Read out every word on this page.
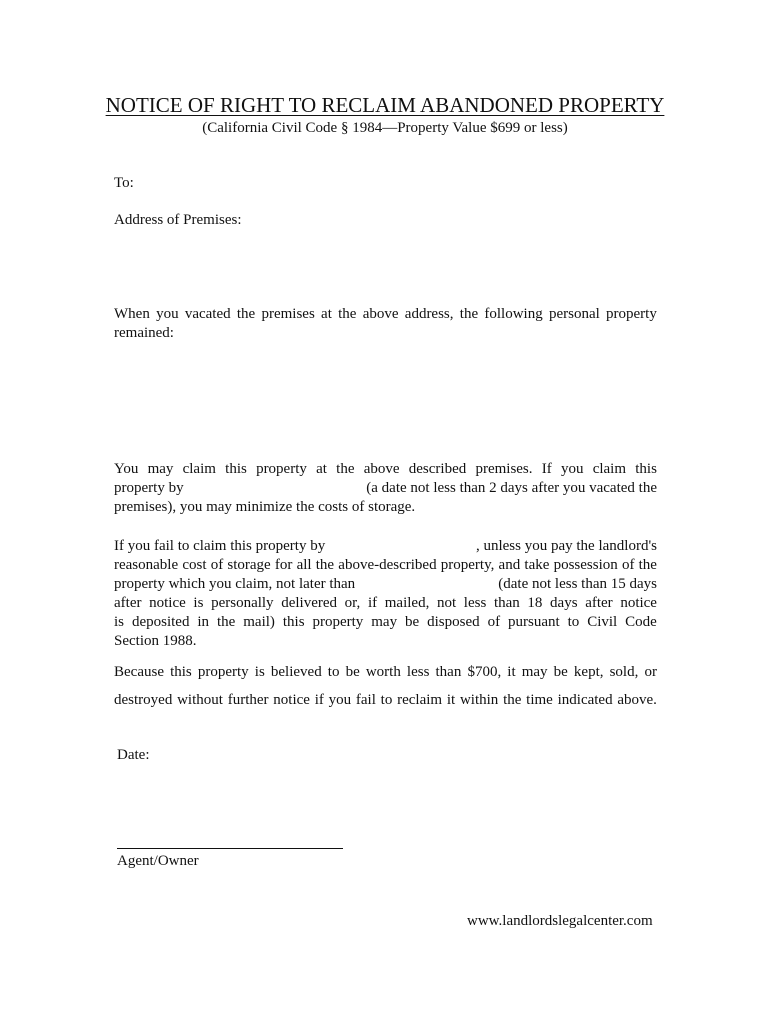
NOTICE OF RIGHT TO RECLAIM ABANDONED PROPERTY
(California Civil Code § 1984—Property Value $699 or less)
To:
Address of Premises:
When you vacated the premises at the above address, the following personal property
remained:
You may claim this property at the above described premises. If you claim this
property by	(a date not less than 2 days after you vacated the
premises), you may minimize the costs of storage.
If you fail to claim this property by	, unless you pay the landlord's
reasonable cost of storage for all the above-described property, and take possession of the
property which you claim, not later than	(date not less than 15 days
after notice is personally delivered or, if mailed, not less than 18 days after notice
is deposited in the mail) this property may be disposed of pursuant to Civil Code
Section 1988.
Because this property is believed to be worth less than $700, it may be kept, sold, or
destroyed without further notice if you fail to reclaim it within the time indicated above.
Date:
Agent/Owner
www.landlordslegalcenter.com
